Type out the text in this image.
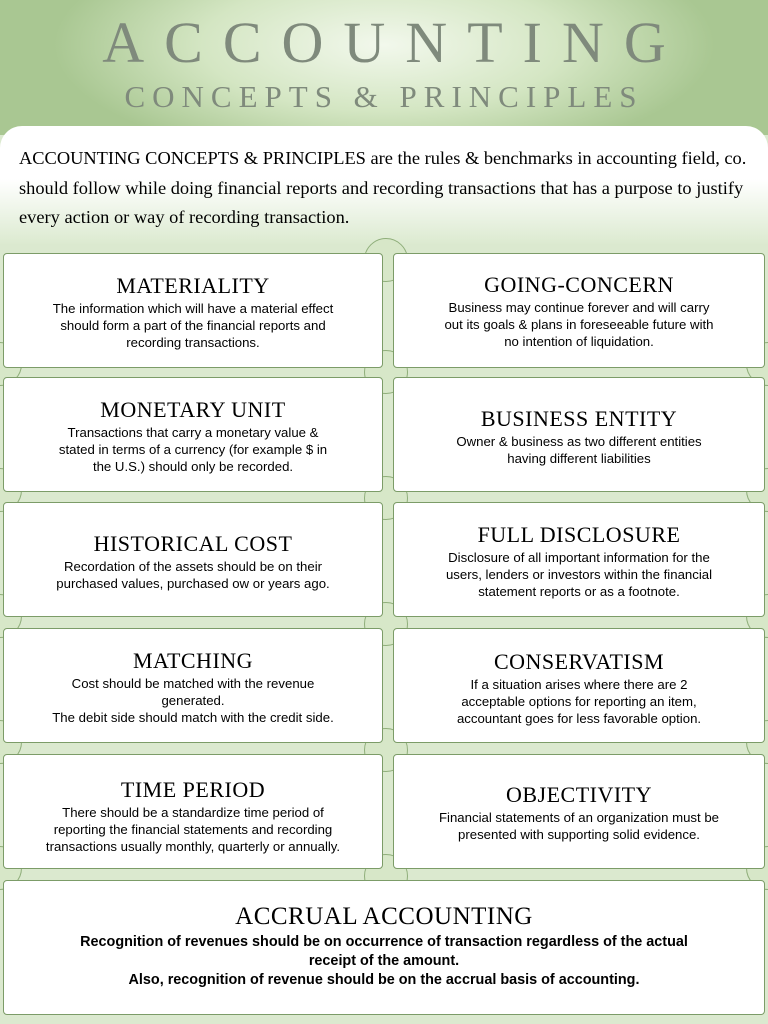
ACCOUNTING
CONCEPTS & PRINCIPLES
ACCOUNTING CONCEPTS & PRINCIPLES are the rules & benchmarks in accounting field, co. should follow while doing financial reports and recording transactions that has a purpose to justify every action or way of recording transaction.
MATERIALITY
The information which will have a material effect
should form a part of the financial reports and
recording transactions.
GOING-CONCERN
Business may continue forever and will carry
out its goals & plans in foreseeable future with
no intention of liquidation.
MONETARY UNIT
Transactions that carry a monetary value &
stated in terms of a currency (for example $ in
the U.S.) should only be recorded.
BUSINESS ENTITY
Owner & business as two different entities
having different liabilities
HISTORICAL COST
Recordation of the assets should be on their
purchased values, purchased ow or years ago.
FULL DISCLOSURE
Disclosure of all important information for the
users, lenders or investors within the financial
statement reports or as a footnote.
MATCHING
Cost should be matched with the revenue
generated.
The debit side should match with the credit side.
CONSERVATISM
If a situation arises where there are 2
acceptable options for reporting an item,
accountant goes for less favorable option.
TIME PERIOD
There should be a standardize time period of
reporting the financial statements and recording
transactions usually monthly, quarterly or annually.
OBJECTIVITY
Financial statements of an organization must be
presented with supporting solid evidence.
ACCRUAL ACCOUNTING
Recognition of revenues should be on occurrence of transaction regardless of the actual
receipt of the amount.
Also, recognition of revenue should be on the accrual basis of accounting.
